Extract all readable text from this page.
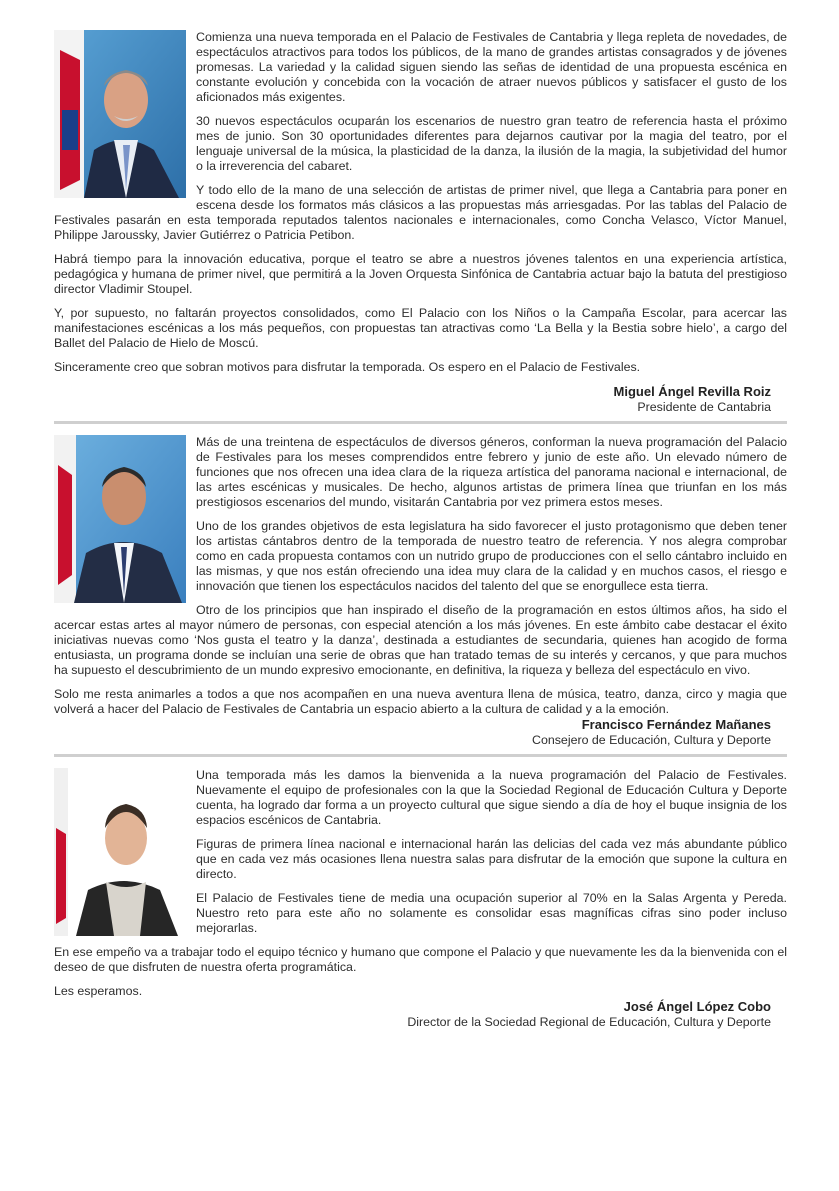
Comienza una nueva temporada en el Palacio de Festivales de Cantabria y llega repleta de novedades, de espectáculos atractivos para todos los públicos, de la mano de grandes artistas consagrados y de jóvenes promesas. La variedad y la calidad siguen siendo las señas de identidad de una propuesta escénica en constante evolución y concebida con la vocación de atraer nuevos públicos y satisfacer el gusto de los aficionados más exigentes.

30 nuevos espectáculos ocuparán los escenarios de nuestro gran teatro de referencia hasta el próximo mes de junio. Son 30 oportunidades diferentes para dejarnos cautivar por la magia del teatro, por el lenguaje universal de la música, la plasticidad de la danza, la ilusión de la magia, la subjetividad del humor o la irreverencia del cabaret.

Y todo ello de la mano de una selección de artistas de primer nivel, que llega a Cantabria para poner en escena desde los formatos más clásicos a las propuestas más arriesgadas. Por las tablas del Palacio de Festivales pasarán en esta temporada reputados talentos nacionales e internacionales, como Concha Velasco, Víctor Manuel, Philippe Jaroussky, Javier Gutiérrez o Patricia Petibon.

Habrá tiempo para la innovación educativa, porque el teatro se abre a nuestros jóvenes talentos en una experiencia artística, pedagógica y humana de primer nivel, que permitirá a la Joven Orquesta Sinfónica de Cantabria actuar bajo la batuta del prestigioso director Vladimir Stoupel.

Y, por supuesto, no faltarán proyectos consolidados, como El Palacio con los Niños o la Campaña Escolar, para acercar las manifestaciones escénicas a los más pequeños, con propuestas tan atractivas como ‘La Bella y la Bestia sobre hielo’, a cargo del Ballet del Palacio de Hielo de Moscú.

Sinceramente creo que sobran motivos para disfrutar la temporada. Os espero en el Palacio de Festivales.

Miguel Ángel Revilla Roiz
Presidente de Cantabria

Más de una treintena de espectáculos de diversos géneros, conforman la nueva programación del Palacio de Festivales para los meses comprendidos entre febrero y junio de este año. Un elevado número de funciones que nos ofrecen una idea clara de la riqueza artística del panorama nacional e internacional, de las artes escénicas y musicales. De hecho, algunos artistas de primera línea que triunfan en los más prestigiosos escenarios del mundo, visitarán Cantabria por vez primera estos meses.

Uno de los grandes objetivos de esta legislatura ha sido favorecer el justo protagonismo que deben tener los artistas cántabros dentro de la temporada de nuestro teatro de referencia. Y nos alegra comprobar como en cada propuesta contamos con un nutrido grupo de producciones con el sello cántabro incluido en las mismas, y que nos están ofreciendo una idea muy clara de la calidad y en muchos casos, el riesgo e innovación que tienen los espectáculos nacidos del talento del que se enorgullece esta tierra.

Otro de los principios que han inspirado el diseño de la programación en estos últimos años, ha sido el acercar estas artes al mayor número de personas, con especial atención a los más jóvenes. En este ámbito cabe destacar el éxito iniciativas nuevas como ‘Nos gusta el teatro y la danza’, destinada a estudiantes de secundaria, quienes han acogido de forma entusiasta, un programa donde se incluían una serie de obras que han tratado temas de su interés y cercanos, y que para muchos ha supuesto el descubrimiento de un mundo expresivo emocionante, en definitiva, la riqueza y belleza del espectáculo en vivo.

Solo me resta animarles a todos a que nos acompañen en una nueva aventura llena de música, teatro, danza, circo y magia que volverá a hacer del Palacio de Festivales de Cantabria un espacio abierto a la cultura de calidad y a la emoción.

Francisco Fernández Mañanes
Consejero de Educación, Cultura y Deporte

Una temporada más les damos la bienvenida a la nueva programación del Palacio de Festivales. Nuevamente el equipo de profesionales con la que la Sociedad Regional de Educación Cultura y Deporte cuenta, ha logrado dar forma a un proyecto cultural que sigue siendo a día de hoy el buque insignia de los espacios escénicos de Cantabria.

Figuras de primera línea nacional e internacional harán las delicias del cada vez más abundante público que en cada vez más ocasiones llena nuestra salas para disfrutar de la emoción que supone la cultura en directo.

El Palacio de Festivales tiene de media una ocupación superior al 70% en la Salas Argenta y Pereda. Nuestro reto para este año no solamente es consolidar esas magníficas cifras sino poder incluso mejorarlas.

En ese empeño va a trabajar todo el equipo técnico y humano que compone el Palacio y que nuevamente les da la bienvenida con el deseo de que disfruten de nuestra oferta programática.

Les esperamos.

José Ángel López Cobo
Director de la Sociedad Regional de Educación, Cultura y Deporte
